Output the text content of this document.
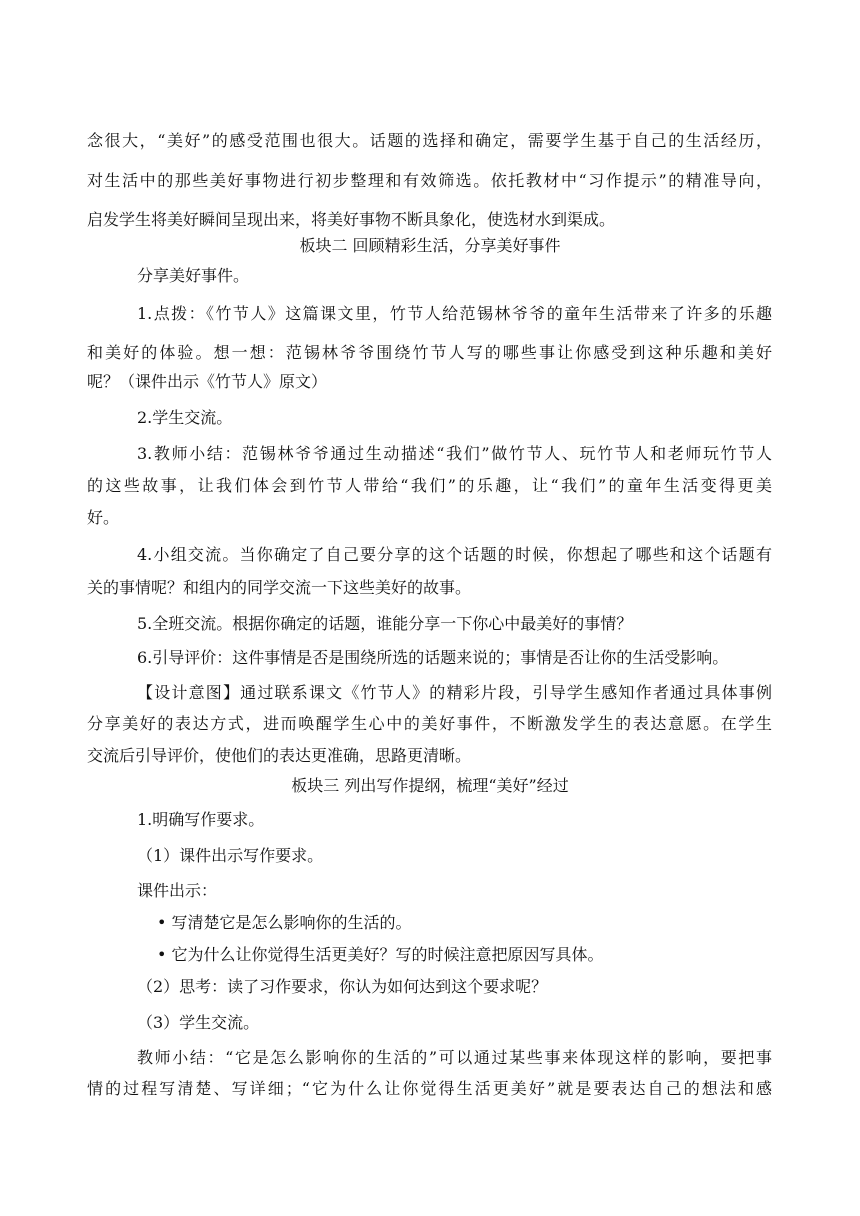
念很大，“美好”的感受范围也很大。话题的选择和确定，需要学生基于自己的生活经历，
对生活中的那些美好事物进行初步整理和有效筛选。依托教材中“习作提示”的精准导向，
启发学生将美好瞬间呈现出来，将美好事物不断具象化，使选材水到渠成。
板块二 回顾精彩生活，分享美好事件
分享美好事件。
1.点拨：《竹节人》这篇课文里，竹节人给范锡林爷爷的童年生活带来了许多的乐趣
和美好的体验。想一想：范锡林爷爷围绕竹节人写的哪些事让你感受到这种乐趣和美好
呢？（课件出示《竹节人》原文）
2.学生交流。
3.教师小结：范锡林爷爷通过生动描述“我们”做竹节人、玩竹节人和老师玩竹节人
的这些故事，让我们体会到竹节人带给“我们”的乐趣，让“我们”的童年生活变得更美
好。
4.小组交流。当你确定了自己要分享的这个话题的时候，你想起了哪些和这个话题有
关的事情呢？和组内的同学交流一下这些美好的故事。
5.全班交流。根据你确定的话题，谁能分享一下你心中最美好的事情？
6.引导评价：这件事情是否是围绕所选的话题来说的；事情是否让你的生活受影响。
【设计意图】通过联系课文《竹节人》的精彩片段，引导学生感知作者通过具体事例
分享美好的表达方式，进而唤醒学生心中的美好事件，不断激发学生的表达意愿。在学生
交流后引导评价，使他们的表达更准确，思路更清晰。
板块三 列出写作提纲，梳理“美好”经过
1.明确写作要求。
（1）课件出示写作要求。
课件出示：
• 写清楚它是怎么影响你的生活的。
• 它为什么让你觉得生活更美好？写的时候注意把原因写具体。
（2）思考：读了习作要求，你认为如何达到这个要求呢？
（3）学生交流。
教师小结：“它是怎么影响你的生活的”可以通过某些事来体现这样的影响，要把事
情的过程写清楚、写详细；“它为什么让你觉得生活更美好”就是要表达自己的想法和感
